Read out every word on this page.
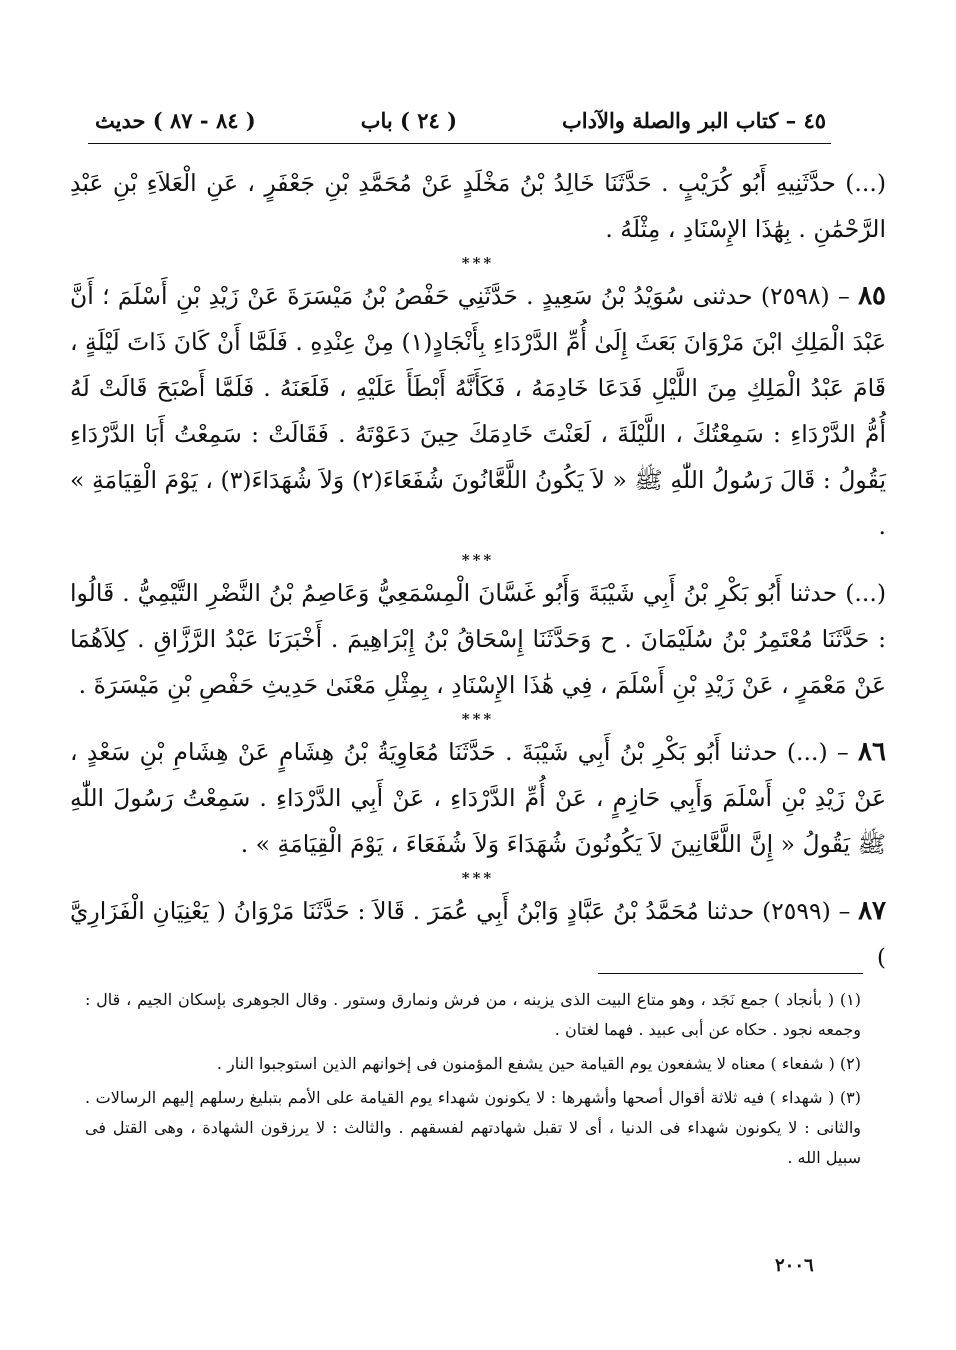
٤٥ – كتاب البر والصلة والآداب
( ٢٤ ) باب
( ٨٤ - ٨٧ ) حديث

(...) حدَّثَنِيهِ أَبُو كُرَيْبٍ . حَدَّثَنَا خَالِدُ بْنُ مَخْلَدٍ عَنْ مُحَمَّدِ بْنِ جَعْفَرٍ ، عَنِ الْعَلاَءِ بْنِ عَبْدِ الرَّحْمَٰنِ . بِهَٰذَا الإِسْنَادِ ، مِثْلَهُ .

***

٨٥ – (٢٥٩٨) حدثنى سُوَيْدُ بْنُ سَعِيدٍ . حَدَّثَنِي حَفْصُ بْنُ مَيْسَرَةَ عَنْ زَيْدِ بْنِ أَسْلَمَ ؛ أَنَّ عَبْدَ الْمَلِكِ ابْنَ مَرْوَانَ بَعَثَ إِلَىٰ أُمِّ الدَّرْدَاءِ بِأَنْجَادٍ(١) مِنْ عِنْدِهِ . فَلَمَّا أَنْ كَانَ ذَاتَ لَيْلَةٍ ، قَامَ عَبْدُ الْمَلِكِ مِنَ اللَّيْلِ فَدَعَا خَادِمَهُ ، فَكَأَنَّهُ أَبْطَأَ عَلَيْهِ ، فَلَعَنَهُ . فَلَمَّا أَصْبَحَ قَالَتْ لَهُ أُمُّ الدَّرْدَاءِ : سَمِعْتُكَ ، اللَّيْلَةَ ، لَعَنْتَ خَادِمَكَ حِينَ دَعَوْتَهُ . فَقَالَتْ : سَمِعْتُ أَبَا الدَّرْدَاءِ يَقُولُ : قَالَ رَسُولُ اللّٰهِ ﷺ « لاَ يَكُونُ اللَّعَّانُونَ شُفَعَاءَ(٢) وَلاَ شُهَدَاءَ(٣) ، يَوْمَ الْقِيَامَةِ » .

***

(...) حدثنا أَبُو بَكْرِ بْنُ أَبِي شَيْبَةَ وَأَبُو غَسَّانَ الْمِسْمَعِيُّ وَعَاصِمُ بْنُ النَّضْرِ التَّيْمِيُّ . قَالُوا : حَدَّثَنَا مُعْتَمِرُ بْنُ سُلَيْمَانَ . ح وَحَدَّثَنَا إِسْحَاقُ بْنُ إِبْرَاهِيمَ . أَخْبَرَنَا عَبْدُ الرَّزَّاقِ . كِلاَهُمَا عَنْ مَعْمَرٍ ، عَنْ زَيْدِ بْنِ أَسْلَمَ ، فِي هَٰذَا الإِسْنَادِ ، بِمِثْلِ مَعْنَىٰ حَدِيثِ حَفْصِ بْنِ مَيْسَرَةَ .

***

٨٦ – (...) حدثنا أَبُو بَكْرِ بْنُ أَبِي شَيْبَةَ . حَدَّثَنَا مُعَاوِيَةُ بْنُ هِشَامٍ عَنْ هِشَامِ بْنِ سَعْدٍ ، عَنْ زَيْدِ بْنِ أَسْلَمَ وَأَبِي حَازِمٍ ، عَنْ أُمِّ الدَّرْدَاءِ ، عَنْ أَبِي الدَّرْدَاءِ . سَمِعْتُ رَسُولَ اللّٰهِ ﷺ يَقُولُ « إِنَّ اللَّعَّانِينَ لاَ يَكُونُونَ شُهَدَاءَ وَلاَ شُفَعَاءَ ، يَوْمَ الْقِيَامَةِ » .

***

٨٧ – (٢٥٩٩) حدثنا مُحَمَّدُ بْنُ عَبَّادٍ وَابْنُ أَبِي عُمَرَ . قَالاَ : حَدَّثَنَا مَرْوَانُ ( يَعْنِيَانِ الْفَزَارِيَّ )

(١) ( بأنجاد ) جمع نَجَد ، وهو متاع البيت الذى يزينه ، من فرش ونمارق وستور . وقال الجوهرى بإسكان الجيم ، قال : وجمعه نجود . حكاه عن أبى عبيد . فهما لغتان .

(٢) ( شفعاء ) معناه لا يشفعون يوم القيامة حين يشفع المؤمنون فى إخوانهم الذين استوجبوا النار .

(٣) ( شهداء ) فيه ثلاثة أقوال أصحها وأشهرها : لا يكونون شهداء يوم القيامة على الأمم بتبليغ رسلهم إليهم الرسالات . والثانى : لا يكونون شهداء فى الدنيا ، أى لا تقبل شهادتهم لفسقهم . والثالث : لا يرزقون الشهادة ، وهى القتل فى سبيل الله .

٢٠٠٦
